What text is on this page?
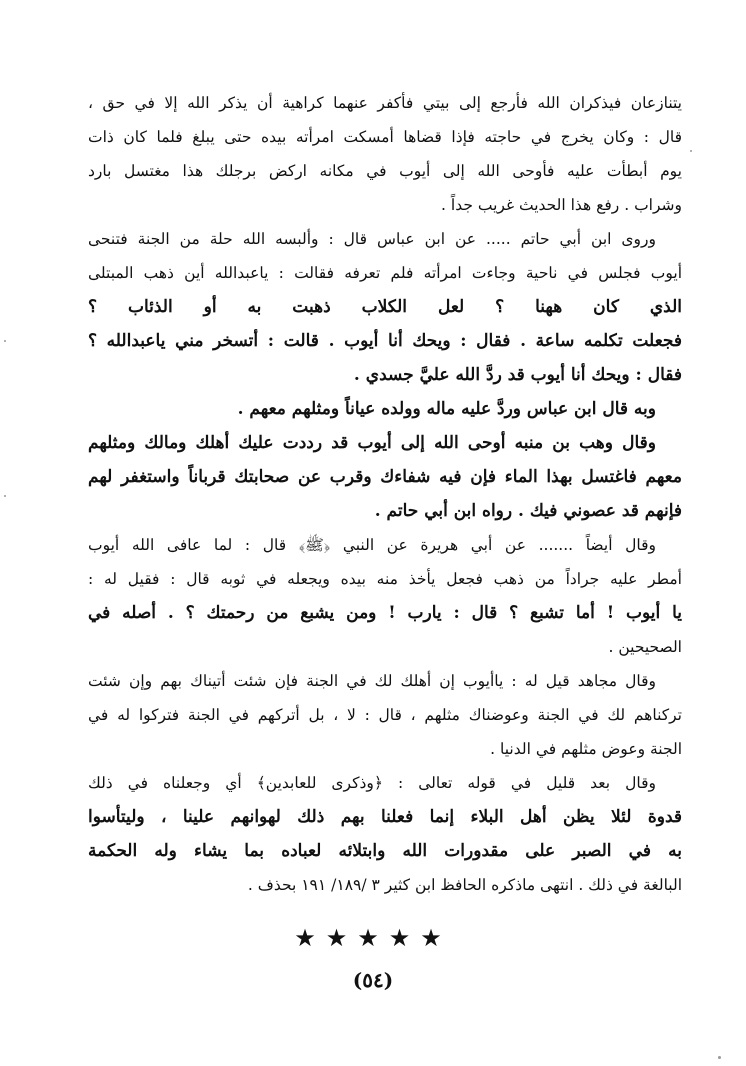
يتنازعان فيذكران الله فأرجع إلى بيتي فأكفر عنهما كراهية أن يذكر الله إلا في حق ،
قال : وكان يخرج في حاجته فإذا قضاها أمسكت امرأته بيده حتى يبلغ فلما كان ذات
يوم أبطأت عليه فأوحى الله إلى أيوب في مكانه اركض برجلك هذا مغتسل بارد
وشراب . رفع هذا الحديث غريب جداً .
وروى ابن أبي حاتم ..... عن ابن عباس قال : وألبسه الله حلة من الجنة فتنحى
أيوب فجلس في ناحية وجاءت امرأته فلم تعرفه فقالت : ياعبدالله أين ذهب المبتلى
الذي كان ههنا ؟ لعل الكلاب ذهبت به أو الذئاب ؟
فجعلت تكلمه ساعة . فقال : ويحك أنا أيوب . قالت : أتسخر مني ياعبدالله ؟
فقال : ويحك أنا أيوب قد ردَّ الله عليَّ جسدي .
وبه قال ابن عباس وردَّ عليه ماله وولده عياناً ومثلهم معهم .
وقال وهب بن منبه أوحى الله إلى أيوب قد رددت عليك أهلك ومالك ومثلهم
معهم فاغتسل بهذا الماء فإن فيه شفاءك وقرب عن صحابتك قرباناً واستغفر لهم
فإنهم قد عصوني فيك . رواه ابن أبي حاتم .
وقال أيضاً ....... عن أبي هريرة عن النبي ﴿ﷺ﴾ قال : لما عافى الله أيوب
أمطر عليه جراداً من ذهب فجعل يأخذ منه بيده ويجعله في ثوبه قال : فقيل له :
يا أيوب ! أما تشبع ؟ قال : يارب ! ومن يشبع من رحمتك ؟ . أصله في
الصحيحين .
وقال مجاهد قيل له : ياأيوب إن أهلك لك في الجنة فإن شئت أتيناك بهم وإن شئت
تركناهم لك في الجنة وعوضناك مثلهم ، قال : لا ، بل أتركهم في الجنة فتركوا له في
الجنة وعوض مثلهم في الدنيا .
وقال بعد قليل في قوله تعالى : ﴿وذكرى للعابدين﴾ أي وجعلناه في ذلك
قدوة لئلا يظن أهل البلاء إنما فعلنا بهم ذلك لهوانهم علينا ، وليتأسوا
به في الصبر على مقدورات الله وابتلائه لعباده بما يشاء وله الحكمة
البالغة في ذلك . انتهى ماذكره الحافظ ابن كثير ٣ /١٨٩/ ١٩١ بحذف .
★★★★★
(٥٤)
